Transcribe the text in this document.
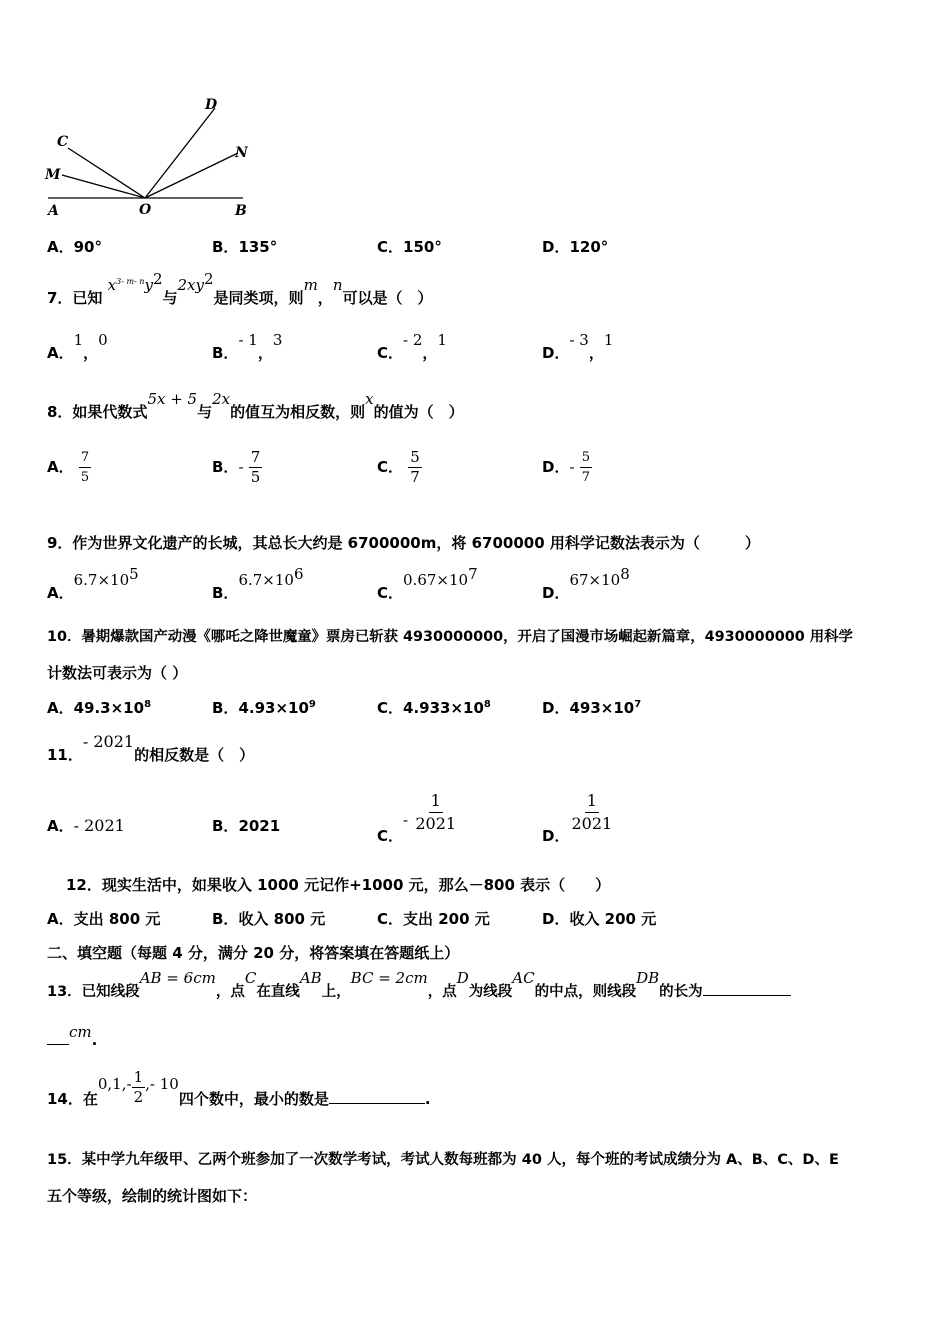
A	O	B
C
M
D
N
A．90°	B．135°	C．150°	D．120°
7．已知 $x^{3- m- n}y^2$与$2xy^2$是同类项，则m，n可以是（　）
A．1，0
B．- 1，3
C．- 2，1
D．- 3，1
8．如果代数式5x + 5与2x的值互为相反数，则x的值为（　）
A． $\frac{7}{5}$	B．- $\frac{7}{5}$	C． $\frac{5}{7}$	D．- $\frac{5}{7}$
9．作为世界文化遗产的长城，其总长大约是 6700000m，将 6700000 用科学记数法表示为（　　　）
A．$6.7\times 10^5$
B．$6.7\times 10^6$
C．$0.67\times 10^7$
D．$67\times 10^8$
10．暑期爆款国产动漫《哪吒之降世魔童》票房已斩获 4930000000，开启了国漫市场崛起新篇章，4930000000 用科学
计数法可表示为（ ）
A．$49.3\times 10^8$	B．$4.93\times 10^9$	C．$4.933\times 10^8$	D．$493\times 10^7$
11．- 2021的相反数是（　）
A．- 2021	B．2021
C．- $\frac{1}{2021}$
D．
$\frac{1}{2021}$
12．现实生活中，如果收入 1000 元记作+1000 元，那么－800 表示（　　）
A．支出 800 元	B．收入 800 元	C．支出 200 元	D．收入 200 元
二、填空题（每题 4 分，满分 20 分，将答案填在答题纸上）
13．已知线段AB = 6cm，点C在直线AB上，BC = 2cm，点D为线段AC的中点，则线段DB的长为
cm.
14．在$0,1,- \frac{1}{2}$ ,- 10四个数中，最小的数是	.
15．某中学九年级甲、乙两个班参加了一次数学考试，考试人数每班都为 40 人，每个班的考试成绩分为 A、B、C、D、E
五个等级，绘制的统计图如下：
